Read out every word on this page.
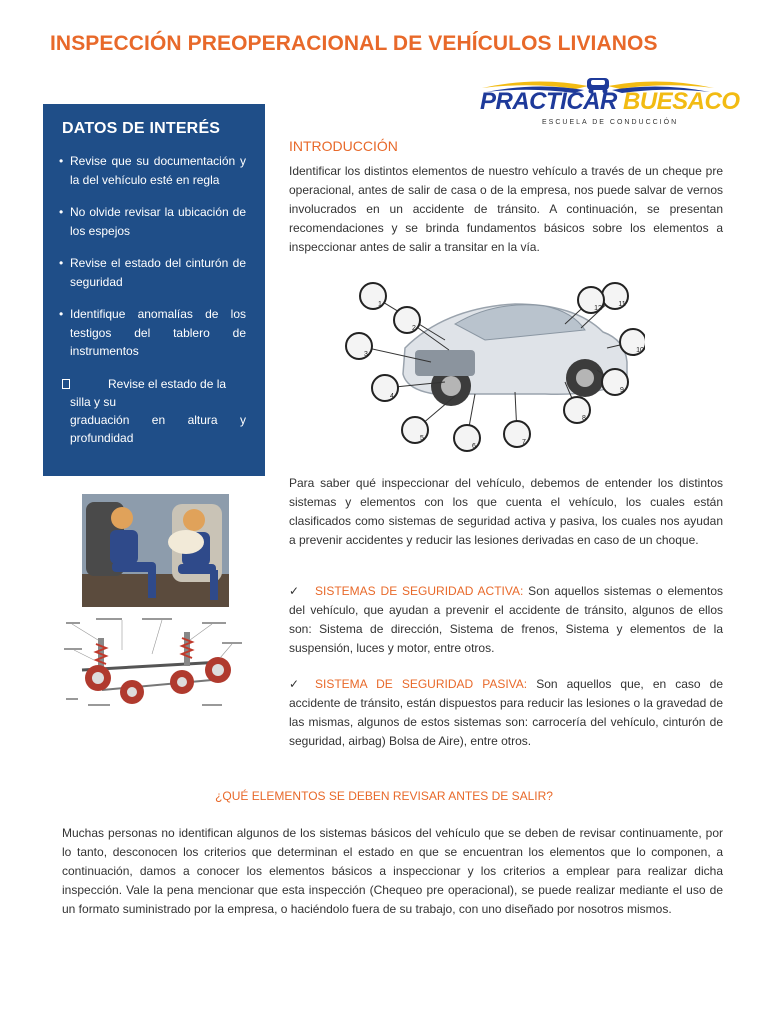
INSPECCIÓN PREOPERACIONAL DE VEHÍCULOS LIVIANOS
PRACTICAR BUESACO
ESCUELA DE CONDUCCIÓN
DATOS DE INTERÉS
• Revise que su documentación y la del vehículo esté en regla
• No olvide revisar la ubicación de los espejos
• Revise el estado del cinturón de seguridad
• Identifique anomalías de los testigos del tablero de instrumentos
Revise el estado de la
silla y su
graduación en altura y
profundidad
INTRODUCCIÓN

Identificar los distintos elementos de nuestro vehículo a través de un cheque pre operacional, antes de salir de casa o de la empresa, nos puede salvar de vernos involucrados en un accidente de tránsito. A continuación, se presentan recomendaciones y se brinda fundamentos básicos sobre los elementos a inspeccionar antes de salir a transitar en la vía.

1
2
3
4
5
6
7
8
9
10
11
12

Para saber qué inspeccionar del vehículo, debemos de entender los distintos sistemas y elementos con los que cuenta el vehículo, los cuales están clasificados como sistemas de seguridad activa y pasiva, los cuales nos ayudan a prevenir accidentes y reducir las lesiones derivadas en caso de un choque.

✓ SISTEMAS DE SEGURIDAD ACTIVA: Son aquellos sistemas o elementos del vehículo, que ayudan a prevenir el accidente de tránsito, algunos de ellos son: Sistema de dirección, Sistema de frenos, Sistema y elementos de la suspensión, luces y motor, entre otros.

✓ SISTEMA DE SEGURIDAD PASIVA: Son aquellos que, en caso de accidente de tránsito, están dispuestos para reducir las lesiones o la gravedad de las mismas, algunos de estos sistemas son: carrocería del vehículo, cinturón de seguridad, airbag) Bolsa de Aire), entre otros.

¿QUÉ ELEMENTOS SE DEBEN REVISAR ANTES DE SALIR?

Muchas personas no identifican algunos de los sistemas básicos del vehículo que se deben de revisar continuamente, por lo tanto, desconocen los criterios que determinan el estado en que se encuentran los elementos que lo componen, a continuación, damos a conocer los elementos básicos a inspeccionar y los criterios a emplear para realizar dicha inspección. Vale la pena mencionar que esta inspección (Chequeo pre operacional), se puede realizar mediante el uso de un formato suministrado por la empresa, o haciéndolo fuera de su trabajo, con uno diseñado por nosotros mismos.
